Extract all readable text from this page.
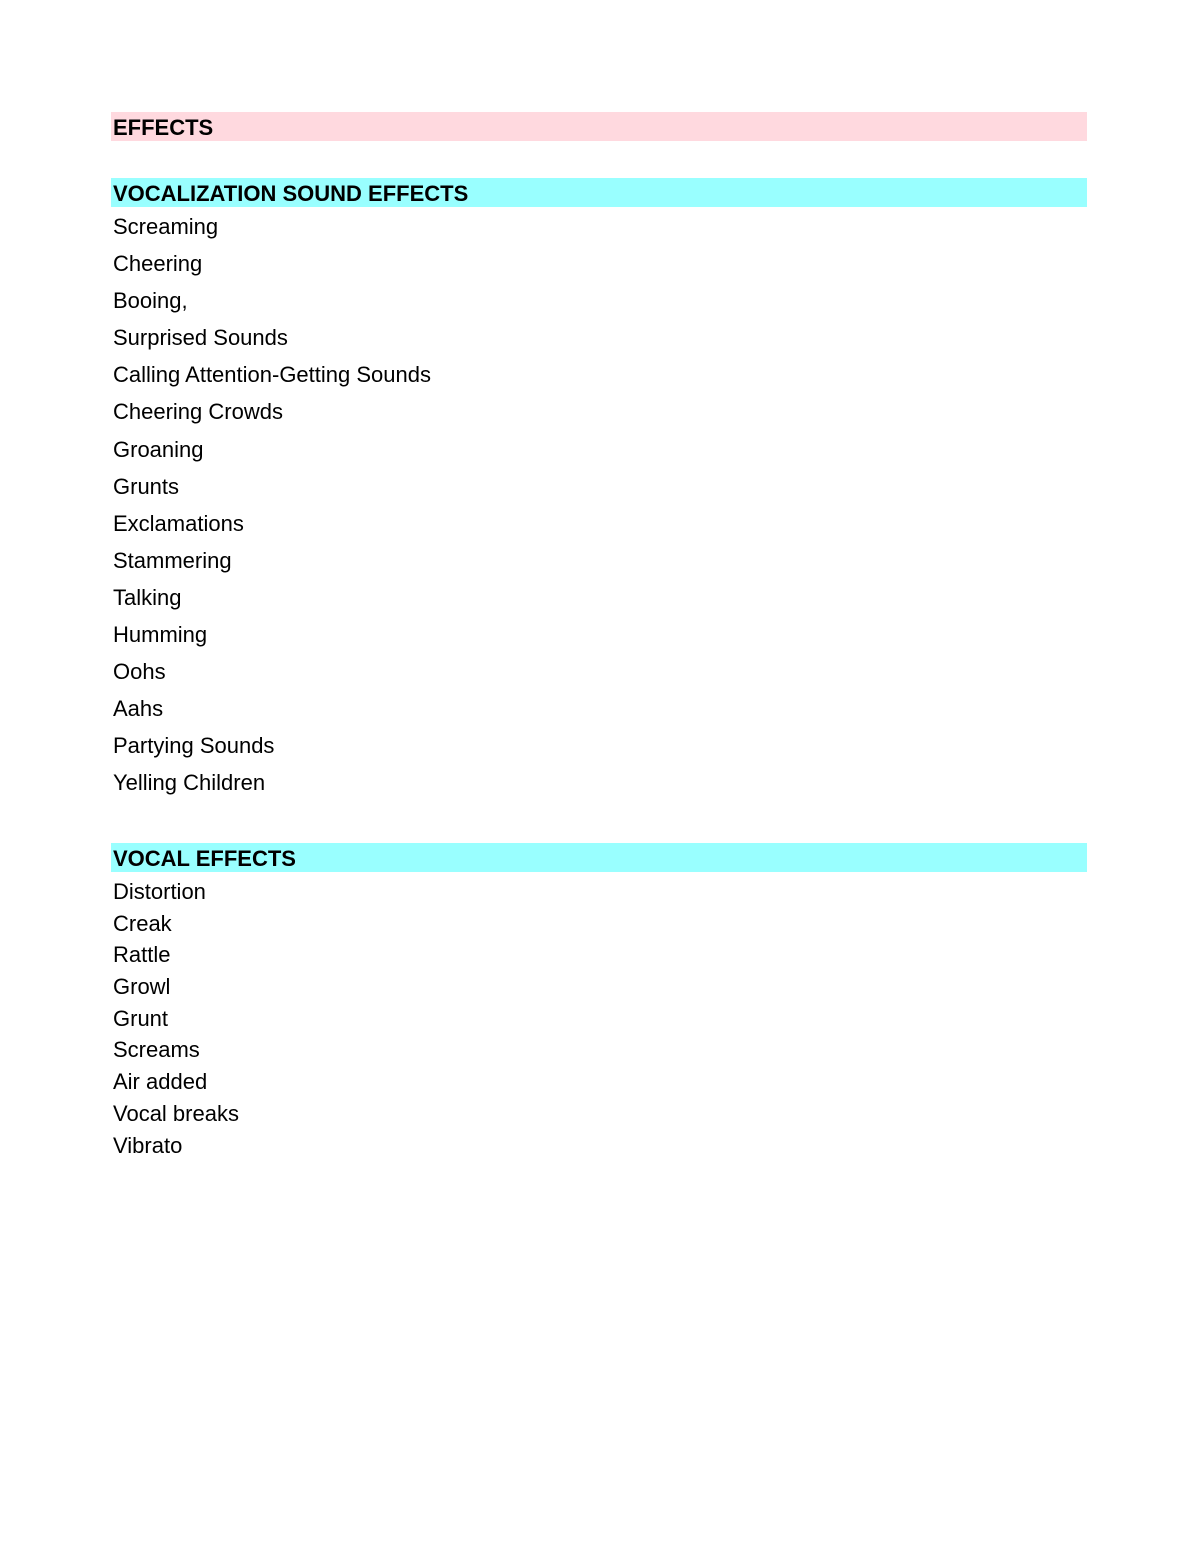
EFFECTS
VOCALIZATION SOUND EFFECTS
Screaming
Cheering
Booing,
Surprised Sounds
Calling Attention-Getting Sounds
Cheering Crowds
Groaning
Grunts
Exclamations
Stammering
Talking
Humming
Oohs
Aahs
Partying Sounds
Yelling Children
VOCAL EFFECTS
Distortion
Creak
Rattle
Growl
Grunt
Screams
Air added
Vocal breaks
Vibrato
